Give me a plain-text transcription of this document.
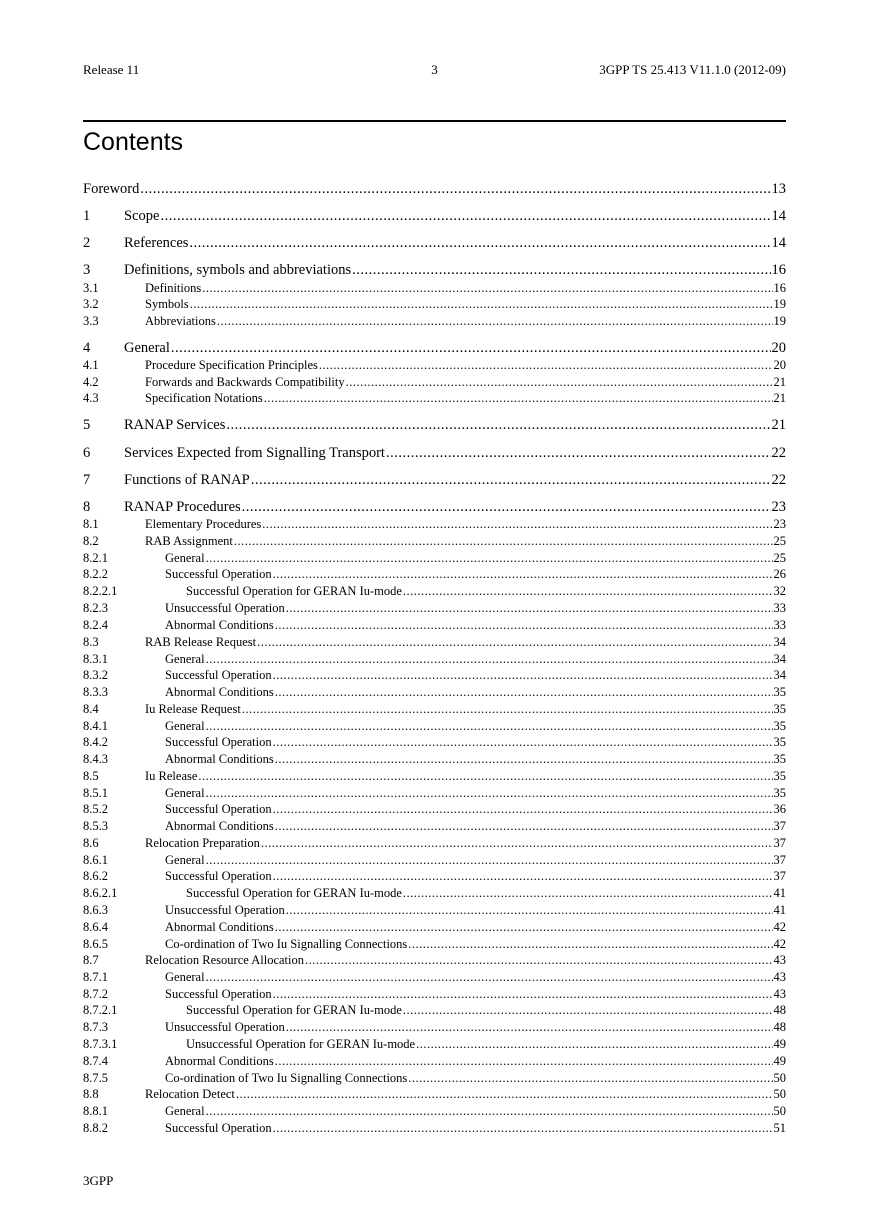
Release 11	3	3GPP TS 25.413 V11.1.0 (2012-09)
Contents
Foreword .....	13
1	Scope .....	14
2	References .....	14
3	Definitions, symbols and abbreviations .....	16
3.1	Definitions .....	16
3.2	Symbols .....	19
3.3	Abbreviations .....	19
4	General .....	20
4.1	Procedure Specification Principles .....	20
4.2	Forwards and Backwards Compatibility .....	21
4.3	Specification Notations .....	21
5	RANAP Services .....	21
6	Services Expected from Signalling Transport .....	22
7	Functions of RANAP .....	22
8	RANAP Procedures .....	23
8.1	Elementary Procedures .....	23
8.2	RAB Assignment .....	25
8.2.1	General .....	25
8.2.2	Successful Operation .....	26
8.2.2.1	Successful Operation for GERAN Iu-mode .....	32
8.2.3	Unsuccessful Operation .....	33
8.2.4	Abnormal Conditions .....	33
8.3	RAB Release Request .....	34
8.3.1	General .....	34
8.3.2	Successful Operation .....	34
8.3.3	Abnormal Conditions .....	35
8.4	Iu Release Request .....	35
8.4.1	General .....	35
8.4.2	Successful Operation .....	35
8.4.3	Abnormal Conditions .....	35
8.5	Iu Release .....	35
8.5.1	General .....	35
8.5.2	Successful Operation .....	36
8.5.3	Abnormal Conditions .....	37
8.6	Relocation Preparation .....	37
8.6.1	General .....	37
8.6.2	Successful Operation .....	37
8.6.2.1	Successful Operation for GERAN Iu-mode .....	41
8.6.3	Unsuccessful Operation .....	41
8.6.4	Abnormal Conditions .....	42
8.6.5	Co-ordination of Two Iu Signalling Connections .....	42
8.7	Relocation Resource Allocation .....	43
8.7.1	General .....	43
8.7.2	Successful Operation .....	43
8.7.2.1	Successful Operation for GERAN Iu-mode .....	48
8.7.3	Unsuccessful Operation .....	48
8.7.3.1	Unsuccessful Operation for GERAN Iu-mode .....	49
8.7.4	Abnormal Conditions .....	49
8.7.5	Co-ordination of Two Iu Signalling Connections .....	50
8.8	Relocation Detect .....	50
8.8.1	General .....	50
8.8.2	Successful Operation .....	51
3GPP
